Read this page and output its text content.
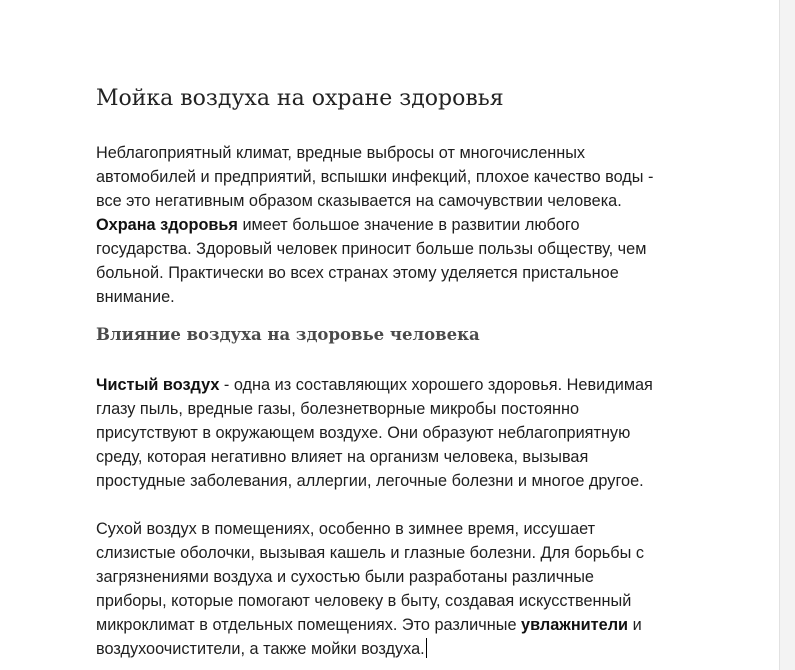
Мойка воздуха на охране здоровья

Неблагоприятный климат, вредные выбросы от многочисленных
автомобилей и предприятий, вспышки инфекций, плохое качество воды -
все это негативным образом сказывается на самочувствии человека.
Охрана здоровья имеет большое значение в развитии любого
государства. Здоровый человек приносит больше пользы обществу, чем
больной. Практически во всех странах этому уделяется пристальное
внимание.

Влияние воздуха на здоровье человека

Чистый воздух - одна из составляющих хорошего здоровья. Невидимая
глазу пыль, вредные газы, болезнетворные микробы постоянно
присутствуют в окружающем воздухе. Они образуют неблагоприятную
среду, которая негативно влияет на организм человека, вызывая
простудные заболевания, аллергии, легочные болезни и многое другое.

Сухой воздух в помещениях, особенно в зимнее время, иссушает
слизистые оболочки, вызывая кашель и глазные болезни. Для борьбы с
загрязнениями воздуха и сухостью были разработаны различные
приборы, которые помогают человеку в быту, создавая искусственный
микроклимат в отдельных помещениях. Это различные увлажнители и
воздухоочистители, а также мойки воздуха.
